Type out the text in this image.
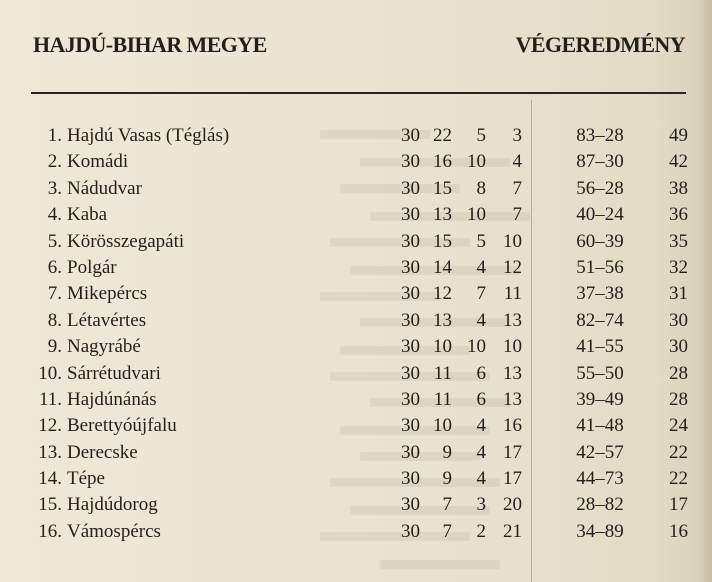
HAJDÚ-BIHAR MEGYE	VÉGEREDMÉNY
1. Hajdú Vasas (Téglás)	30 22	5	3	83–28	49
2. Komádi	30 16 10	4	87–30	42
3. Nádudvar	30 15	8	7	56–28	38
4. Kaba	30 13 10	7	40–24	36
5. Körösszegapáti	30 15	5 10	60–39	35
6. Polgár	30 14	4 12	51–56	32
7. Mikepércs	30 12	7 11	37–38	31
8. Létavértes	30 13	4 13	82–74	30
9. Nagyrábé	30 10 10 10	41–55	30
10. Sárrétudvari	30 11	6 13	55–50	28
11. Hajdúnánás	30 11	6 13	39–49	28
12. Berettyóújfalu	30 10	4 16	41–48	24
13. Derecske	30	9	4 17	42–57	22
14. Tépe	30	9	4 17	44–73	22
15. Hajdúdorog	30	7	3 20	28–82	17
16. Vámospércs	30	7	2 21	34–89	16
